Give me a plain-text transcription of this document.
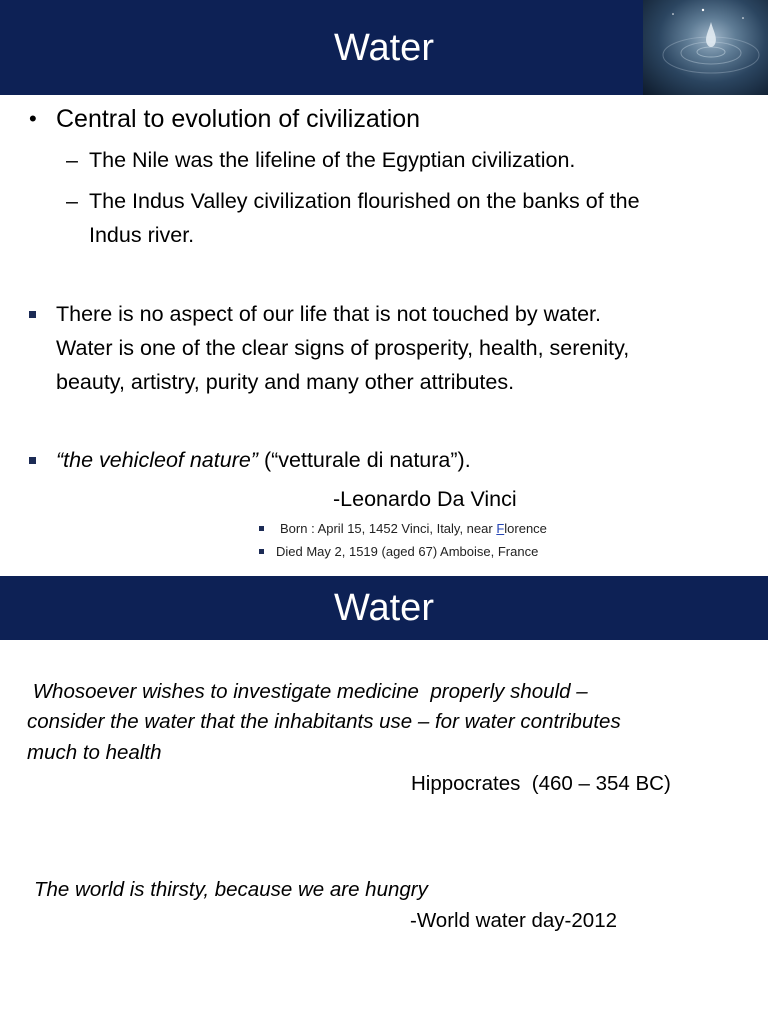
Water
• Central to evolution of civilization
– The Nile was the lifeline of the Egyptian civilization.
– The Indus Valley civilization flourished on the banks of the
Indus river.
There is no aspect of our life that is not touched by water.
Water is one of the clear signs of prosperity, health, serenity,
beauty, artistry, purity and many other attributes.
“the vehicleof nature” (“vetturale di natura”).
-Leonardo Da Vinci
Born : April 15, 1452 Vinci, Italy, near Florence
Died May 2, 1519 (aged 67) Amboise, France
Water
Whosoever wishes to investigate medicine  properly should –
consider the water that the inhabitants use – for water contributes
much to health
Hippocrates  (460 – 354 BC)
The world is thirsty, because we are hungry
-World water day-2012
